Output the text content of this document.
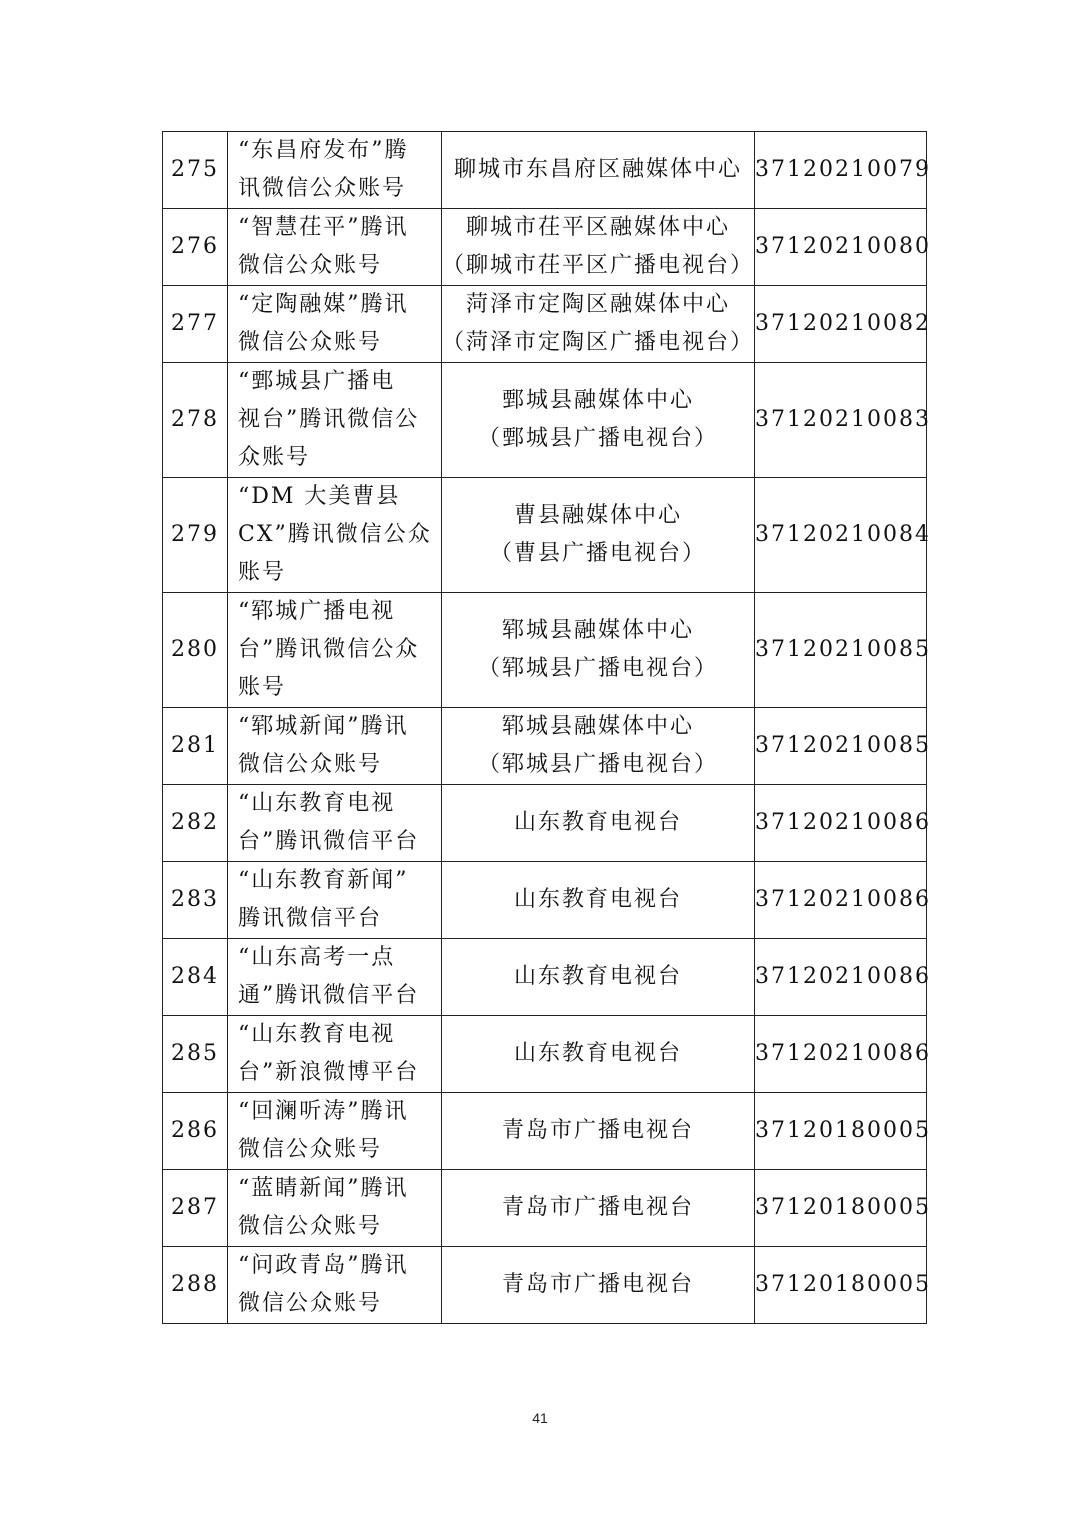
275	“东昌府发布”腾
讯微信公众账号	聊城市东昌府区融媒体中心	37120210079
276	“智慧茌平”腾讯
微信公众账号	聊城市茌平区融媒体中心
（聊城市茌平区广播电视台）	37120210080
277	“定陶融媒”腾讯
微信公众账号	菏泽市定陶区融媒体中心
（菏泽市定陶区广播电视台）	37120210082
278	“鄄城县广播电
视台”腾讯微信公
众账号	鄄城县融媒体中心
（鄄城县广播电视台）	37120210083
279	“DM 大美曹县
CX”腾讯微信公众
账号	曹县融媒体中心
（曹县广播电视台）	37120210084
280	“郓城广播电视
台”腾讯微信公众
账号	郓城县融媒体中心
（郓城县广播电视台）	37120210085
281	“郓城新闻”腾讯
微信公众账号	郓城县融媒体中心
（郓城县广播电视台）	37120210085
282	“山东教育电视
台”腾讯微信平台	山东教育电视台	37120210086
283	“山东教育新闻”
腾讯微信平台	山东教育电视台	37120210086
284	“山东高考一点
通”腾讯微信平台	山东教育电视台	37120210086
285	“山东教育电视
台”新浪微博平台	山东教育电视台	37120210086
286	“回澜听涛”腾讯
微信公众账号	青岛市广播电视台	37120180005
287	“蓝睛新闻”腾讯
微信公众账号	青岛市广播电视台	37120180005
288	“问政青岛”腾讯
微信公众账号	青岛市广播电视台	37120180005
41
